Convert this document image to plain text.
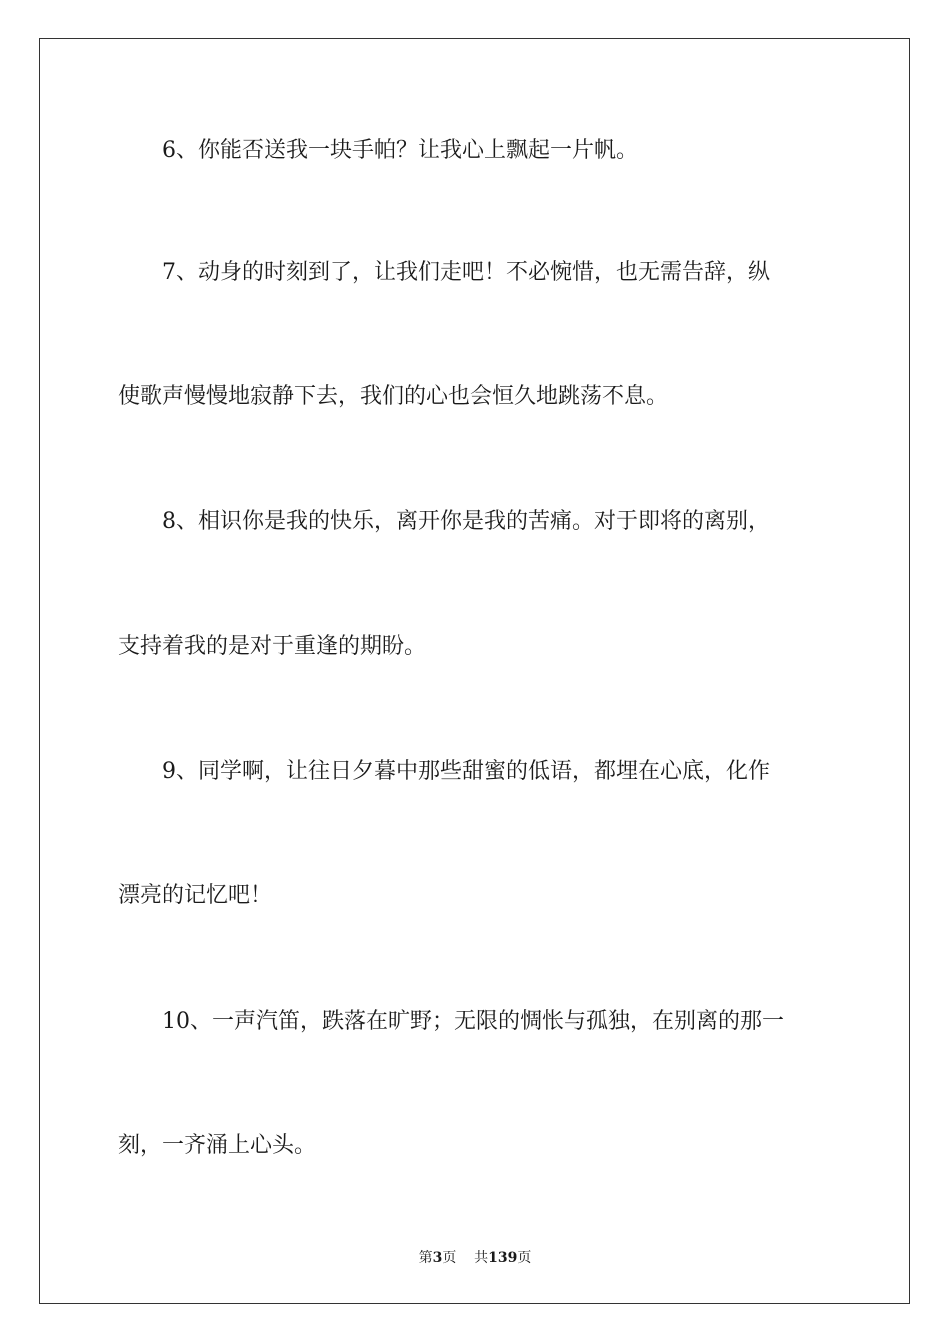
6、你能否送我一块手帕？让我心上飘起一片帆。
7、动身的时刻到了，让我们走吧！不必惋惜，也无需告辞，纵
使歌声慢慢地寂静下去，我们的心也会恒久地跳荡不息。
8、相识你是我的快乐，离开你是我的苦痛。对于即将的离别，
支持着我的是对于重逢的期盼。
9、同学啊，让往日夕暮中那些甜蜜的低语，都埋在心底，化作
漂亮的记忆吧！
10、一声汽笛，跌落在旷野；无限的惆怅与孤独，在别离的那一
刻，一齐涌上心头。
第3页 共139页
